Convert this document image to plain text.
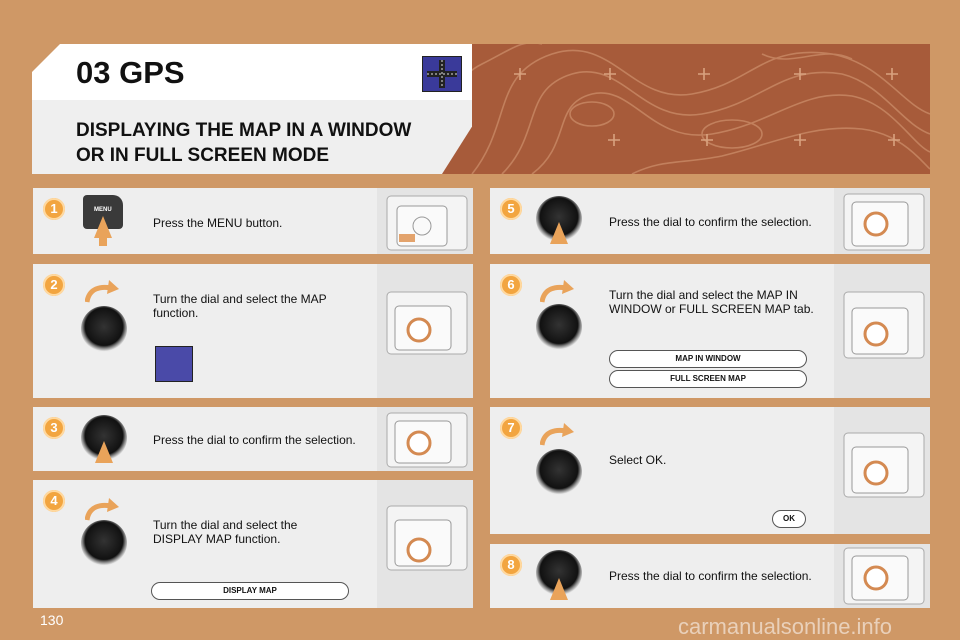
03 GPS
DISPLAYING THE MAP IN A WINDOW
OR IN FULL SCREEN MODE
1	MENU
Press the MENU button.
2
Turn the dial and select the MAP function.
3
Press the dial to confirm the selection.
4
Turn the dial and select the DISPLAY MAP function.
DISPLAY MAP
5
Press the dial to confirm the selection.
6
Turn the dial and select the MAP IN WINDOW or FULL SCREEN MAP tab.
MAP IN WINDOW
FULL SCREEN MAP
7
Select OK.
OK
8
Press the dial to confirm the selection.
130	carmanualsonline.info
